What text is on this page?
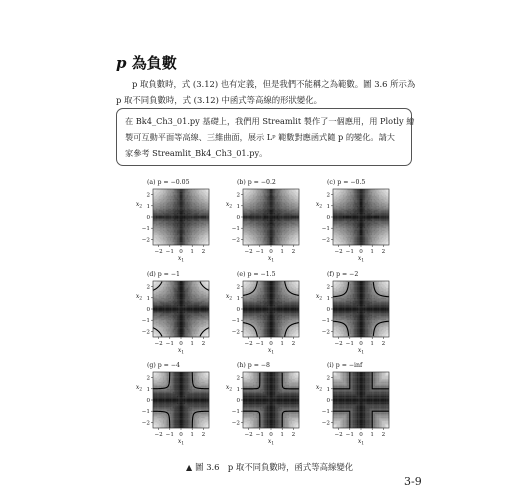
p 為負數
p 取負數時，式 (3.12) 也有定義，但是我們不能稱之為範數。圖 3.6 所示為
p 取不同負數時，式 (3.12) 中函式等高線的形狀變化。
在 Bk4_Ch3_01.py 基礎上，我們用 Streamlit 製作了一個應用，用 Plotly 繪
製可互動平面等高線、三維曲面，展示 Lᵖ 範數對應函式隨 p 的變化。請大
家參考 Streamlit_Bk4_Ch3_01.py。
(a) p = −0.05
−2
−2
−1
−1
0
0
1
1
2
2
$x_1$
$x_2$
(b) p = −0.2
−2
−2
−1
−1
0
0
1
1
2
2
$x_1$
$x_2$
(c) p = −0.5
−2
−2
−1
−1
0
0
1
1
2
2
$x_1$
$x_2$
(d) p = −1
−2
−2
−1
−1
0
0
1
1
2
2
$x_1$
$x_2$
(e) p = −1.5
−2
−2
−1
−1
0
0
1
1
2
2
$x_1$
$x_2$
(f) p = −2
−2
−2
−1
−1
0
0
1
1
2
2
$x_1$
$x_2$
(g) p = −4
−2
−2
−1
−1
0
0
1
1
2
2
$x_1$
$x_2$
(h) p = −8
−2
−2
−1
−1
0
0
1
1
2
2
$x_1$
$x_2$
(i) p = −inf
−2
−2
−1
−1
0
0
1
1
2
2
$x_1$
$x_2$
▲ 圖 3.6　p 取不同負數時，函式等高線變化
3-9
